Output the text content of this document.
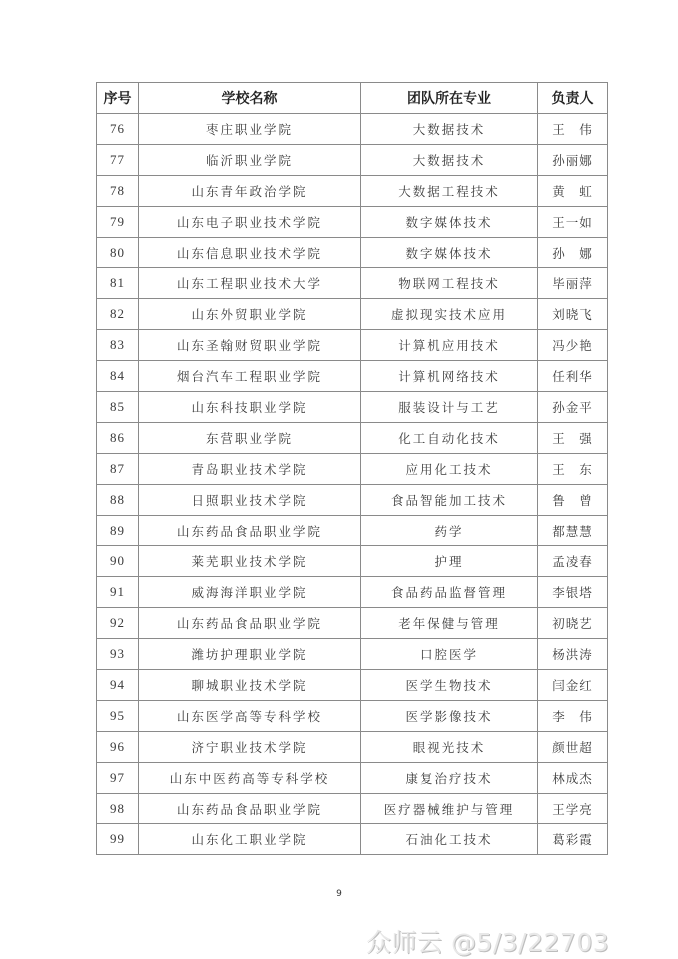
序号	学校名称	团队所在专业	负责人
76	枣庄职业学院	大数据技术	王　伟
77	临沂职业学院	大数据技术	孙丽娜
78	山东青年政治学院	大数据工程技术	黄　虹
79	山东电子职业技术学院	数字媒体技术	王一如
80	山东信息职业技术学院	数字媒体技术	孙　娜
81	山东工程职业技术大学	物联网工程技术	毕丽萍
82	山东外贸职业学院	虚拟现实技术应用	刘晓飞
83	山东圣翰财贸职业学院	计算机应用技术	冯少艳
84	烟台汽车工程职业学院	计算机网络技术	任利华
85	山东科技职业学院	服装设计与工艺	孙金平
86	东营职业学院	化工自动化技术	王　强
87	青岛职业技术学院	应用化工技术	王　东
88	日照职业技术学院	食品智能加工技术	鲁　曾
89	山东药品食品职业学院	药学	都慧慧
90	莱芜职业技术学院	护理	孟凌春
91	威海海洋职业学院	食品药品监督管理	李银塔
92	山东药品食品职业学院	老年保健与管理	初晓艺
93	潍坊护理职业学院	口腔医学	杨洪涛
94	聊城职业技术学院	医学生物技术	闫金红
95	山东医学高等专科学校	医学影像技术	李　伟
96	济宁职业技术学院	眼视光技术	颜世超
97	山东中医药高等专科学校	康复治疗技术	林成杰
98	山东药品食品职业学院	医疗器械维护与管理	王学亮
99	山东化工职业学院	石油化工技术	葛彩霞
9
众师云 @5/3/22703
